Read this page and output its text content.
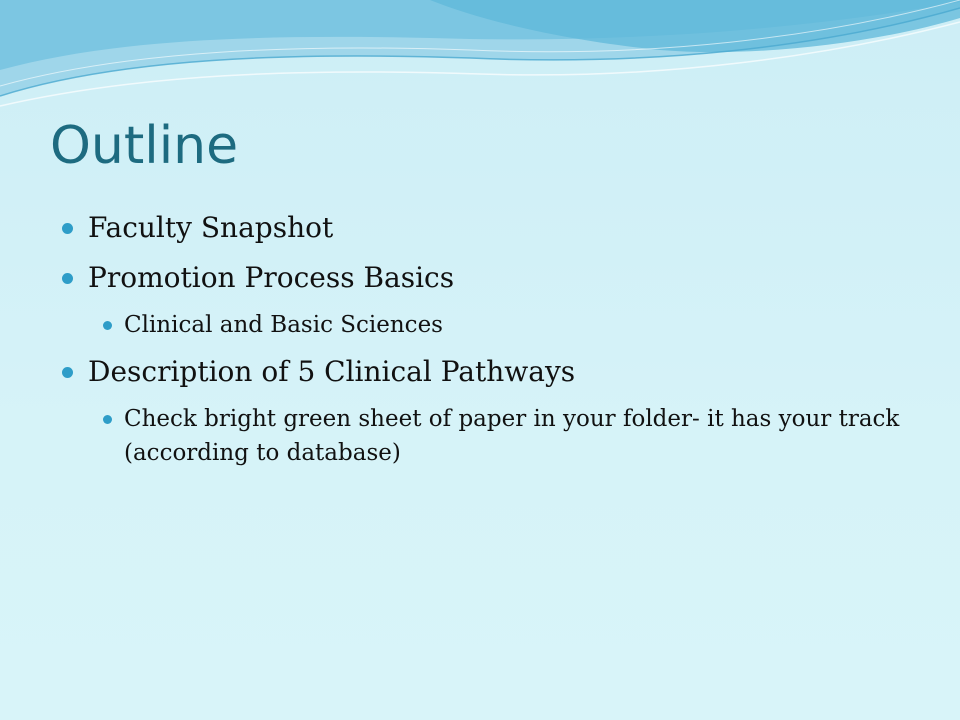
Outline
Faculty Snapshot
Promotion Process Basics
Clinical and Basic Sciences
Description of 5 Clinical Pathways
Check bright green sheet of paper in your folder- it has your track (according to database)
